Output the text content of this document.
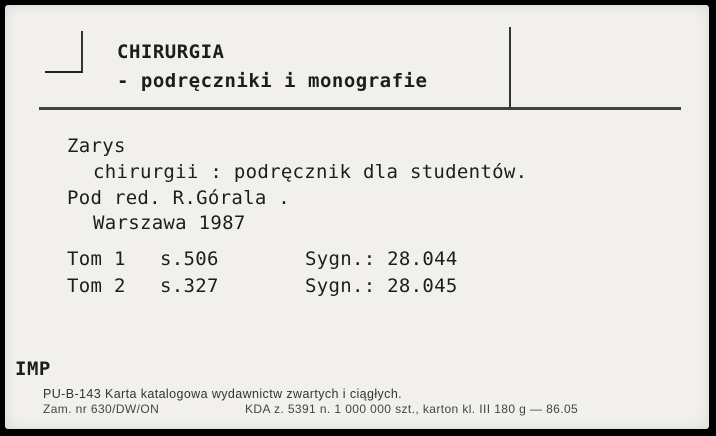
CHIRURGIA
- podręczniki i monografie
Zarys
chirurgii : podręcznik dla studentów.
Pod red. R.Górala .
Warszawa 1987
Tom 1 s.506	Sygn.: 28.044
Tom 2 s.327	Sygn.: 28.045
IMP
PU-B-143 Karta katalogowa wydawnictw zwartych i ciągłych.
Zam. nr 630/DW/ON	KDA z. 5391 n. 1 000 000 szt., karton kl. III 180 g — 86.05
